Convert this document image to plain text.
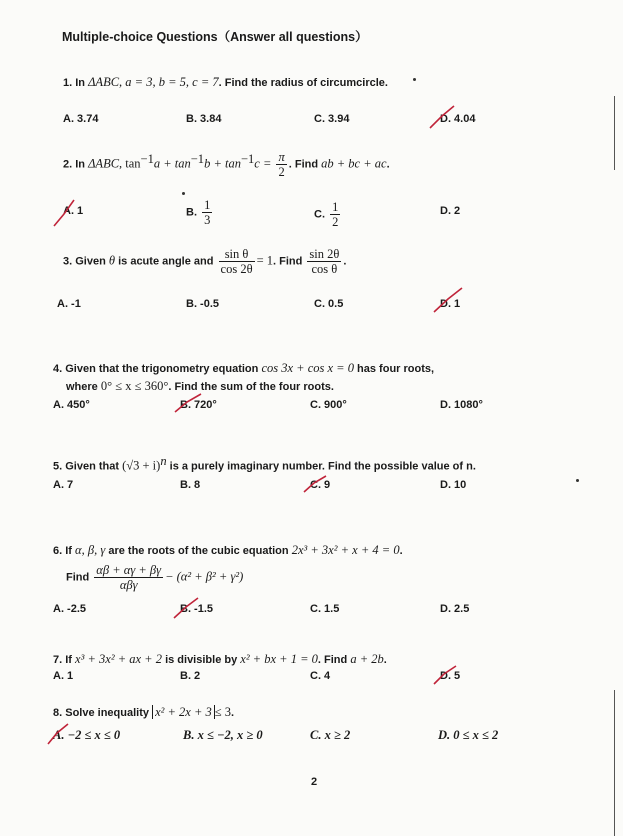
Multiple-choice Questions（Answer all questions）
1. In ΔABC, a = 3, b = 5, c = 7. Find the radius of circumcircle.
A. 3.74	B. 3.84	C. 3.94	D. 4.04
2. In ΔABC, $\tan^{-1}a + \tan^{-1}b + \tan^{-1}c = \frac{\pi}{2}$ . Find ab + bc + ac.
A. 1	B. $\frac{1}{3}$	C. $\frac{1}{2}$	D. 2
3. Given θ is acute angle and $\frac{\text{sin θ}}{\cos 2\theta} = 1$. Find $\frac{\sin 2\theta}{\text{cos θ}}$ .
A. -1	B. -0.5	C. 0.5	D. 1
4. Given that the trigonometry equation cos 3x + cos x = 0 has four roots,
where 0° ≤ x ≤ 360°. Find the sum of the four roots.
A. 450°	B. 720°	C. 900°	D. 1080°
5. Given that $(√3 + i)^n$ is a purely imaginary number. Find the possible value of n.
A. 7	B. 8	C. 9	D. 10
6. If α, β, γ are the roots of the cubic equation 2x³ + 3x² + x + 4 = 0.
Find $\frac{\alpha\beta + \alpha\gamma + \beta\gamma}{\text{αβγ}} - (\alpha^2 + \beta^2 + \gamma^2)$
A. -2.5	B. -1.5	C. 1.5	D. 2.5
7. If x³ + 3x² + ax + 2 is divisible by x² + bx + 1 = 0. Find a + 2b.
A. 1	B. 2	C. 4	D. 5
8. Solve inequality x² + 2x + 3 ≤ 3.
A. −2 ≤ x ≤ 0	B. x ≤ −2, x ≥ 0	C. x ≥ 2	D. 0 ≤ x ≤ 2
2
